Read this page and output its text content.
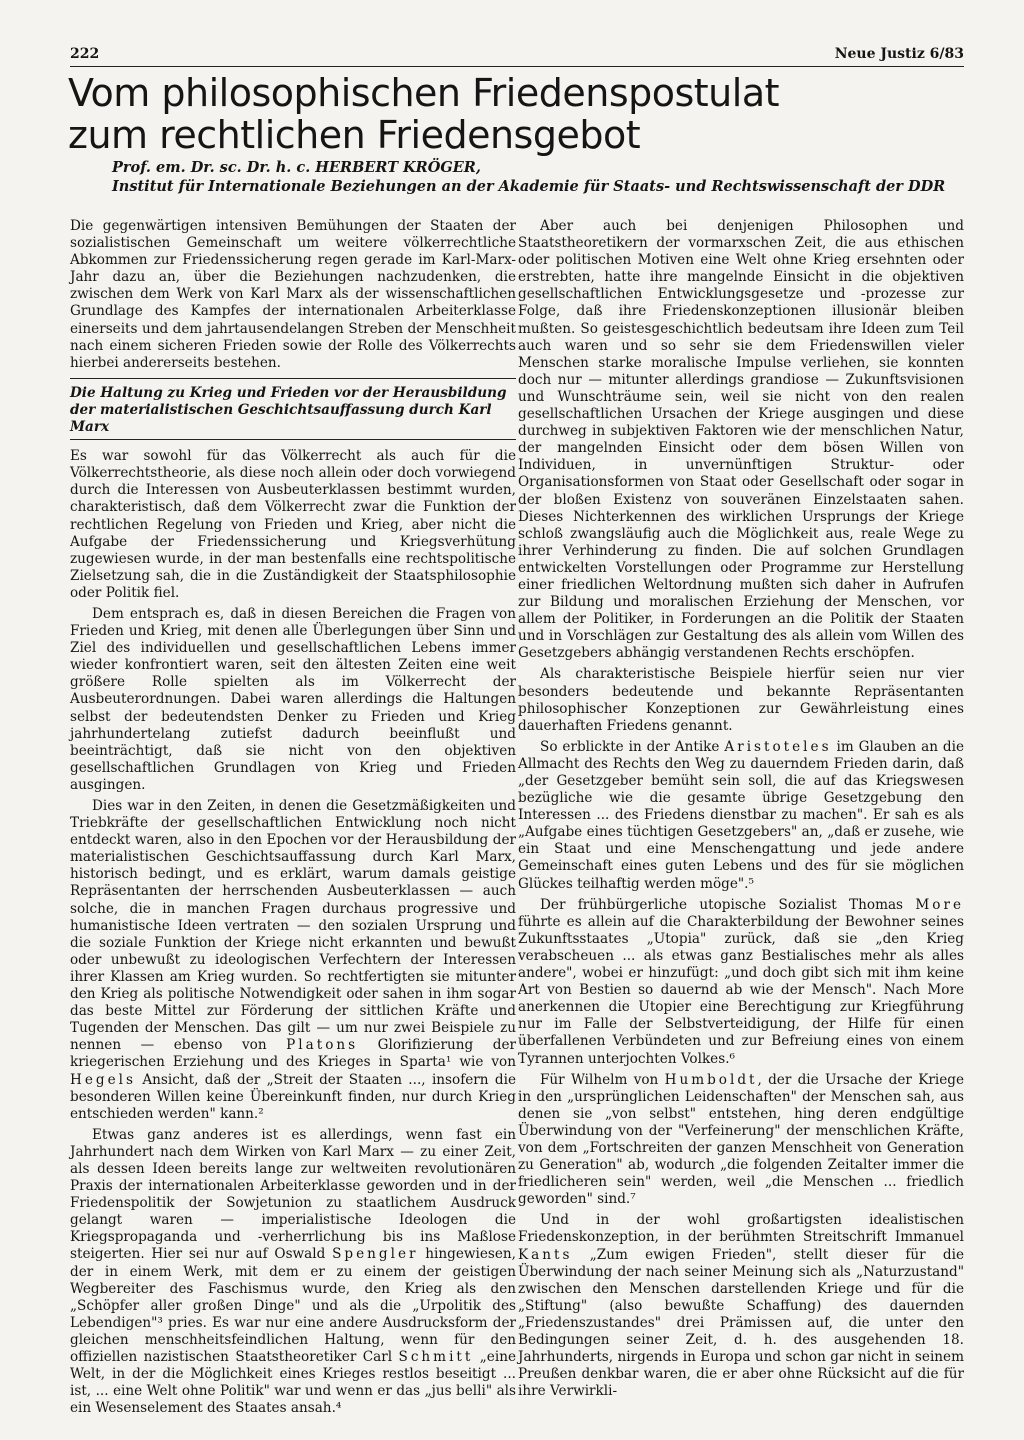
222	Neue Justiz 6/83
Vom philosophischen Friedenspostulat
zum rechtlichen Friedensgebot
Prof. em. Dr. sc. Dr. h. c. HERBERT KRÖGER,
Institut für Internationale Beziehungen an der Akademie für Staats- und Rechtswissenschaft der DDR

Die gegenwärtigen intensiven Bemühungen der Staaten der sozialistischen Gemeinschaft um weitere völkerrechtliche Abkommen zur Friedenssicherung regen gerade im Karl-Marx-Jahr dazu an, über die Beziehungen nachzudenken, die zwischen dem Werk von Karl Marx als der wissenschaftlichen Grundlage des Kampfes der internationalen Arbeiterklasse einerseits und dem jahrtausendelangen Streben der Menschheit nach einem sicheren Frieden sowie der Rolle des Völkerrechts hierbei andererseits bestehen.

Die Haltung zu Krieg und Frieden vor der Herausbildung der materialistischen Geschichtsauffassung durch Karl Marx

Es war sowohl für das Völkerrecht als auch für die Völkerrechtstheorie, als diese noch allein oder doch vorwiegend durch die Interessen von Ausbeuterklassen bestimmt wurden, charakteristisch, daß dem Völkerrecht zwar die Funktion der rechtlichen Regelung von Frieden und Krieg, aber nicht die Aufgabe der Friedenssicherung und Kriegsverhütung zugewiesen wurde, in der man bestenfalls eine rechtspolitische Zielsetzung sah, die in die Zuständigkeit der Staatsphilosophie oder Politik fiel.

Dem entsprach es, daß in diesen Bereichen die Fragen von Frieden und Krieg, mit denen alle Überlegungen über Sinn und Ziel des individuellen und gesellschaftlichen Lebens immer wieder konfrontiert waren, seit den ältesten Zeiten eine weit größere Rolle spielten als im Völkerrecht der Ausbeuterordnungen. Dabei waren allerdings die Haltungen selbst der bedeutendsten Denker zu Frieden und Krieg jahrhundertelang zutiefst dadurch beeinflußt und beeinträchtigt, daß sie nicht von den objektiven gesellschaftlichen Grundlagen von Krieg und Frieden ausgingen.

Dies war in den Zeiten, in denen die Gesetzmäßigkeiten und Triebkräfte der gesellschaftlichen Entwicklung noch nicht entdeckt waren, also in den Epochen vor der Herausbildung der materialistischen Geschichtsauffassung durch Karl Marx, historisch bedingt, und es erklärt, warum damals geistige Repräsentanten der herrschenden Ausbeuterklassen — auch solche, die in manchen Fragen durchaus progressive und humanistische Ideen vertraten — den sozialen Ursprung und die soziale Funktion der Kriege nicht erkannten und bewußt oder unbewußt zu ideologischen Verfechtern der Interessen ihrer Klassen am Krieg wurden. So rechtfertigten sie mitunter den Krieg als politische Notwendigkeit oder sahen in ihm sogar das beste Mittel zur Förderung der sittlichen Kräfte und Tugenden der Menschen. Das gilt — um nur zwei Beispiele zu nennen — ebenso von Platons Glorifizierung der kriegerischen Erziehung und des Krieges in Sparta¹ wie von Hegels Ansicht, daß der „Streit der Staaten ..., insofern die besonderen Willen keine Übereinkunft finden, nur durch Krieg entschieden werden" kann.²

Etwas ganz anderes ist es allerdings, wenn fast ein Jahrhundert nach dem Wirken von Karl Marx — zu einer Zeit, als dessen Ideen bereits lange zur weltweiten revolutionären Praxis der internationalen Arbeiterklasse geworden und in der Friedenspolitik der Sowjetunion zu staatlichem Ausdruck gelangt waren — imperialistische Ideologen die Kriegspropaganda und -verherrlichung bis ins Maßlose steigerten. Hier sei nur auf Oswald Spengler hingewiesen, der in einem Werk, mit dem er zu einem der geistigen Wegbereiter des Faschismus wurde, den Krieg als den „Schöpfer aller großen Dinge" und als die „Urpolitik des Lebendigen"³ pries. Es war nur eine andere Ausdrucksform der gleichen menschheitsfeindlichen Haltung, wenn für den offiziellen nazistischen Staatstheoretiker Carl Schmitt „eine Welt, in der die Möglichkeit eines Krieges restlos beseitigt ... ist, ... eine Welt ohne Politik" war und wenn er das „jus belli" als ein Wesenselement des Staates ansah.⁴

Aber auch bei denjenigen Philosophen und Staatstheoretikern der vormarxschen Zeit, die aus ethischen oder politischen Motiven eine Welt ohne Krieg ersehnten oder erstrebten, hatte ihre mangelnde Einsicht in die objektiven gesellschaftlichen Entwicklungsgesetze und -prozesse zur Folge, daß ihre Friedenskonzeptionen illusionär bleiben mußten. So geistesgeschichtlich bedeutsam ihre Ideen zum Teil auch waren und so sehr sie dem Friedenswillen vieler Menschen starke moralische Impulse verliehen, sie konnten doch nur — mitunter allerdings grandiose — Zukunftsvisionen und Wunschträume sein, weil sie nicht von den realen gesellschaftlichen Ursachen der Kriege ausgingen und diese durchweg in subjektiven Faktoren wie der menschlichen Natur, der mangelnden Einsicht oder dem bösen Willen von Individuen, in unvernünftigen Struktur- oder Organisationsformen von Staat oder Gesellschaft oder sogar in der bloßen Existenz von souveränen Einzelstaaten sahen. Dieses Nichterkennen des wirklichen Ursprungs der Kriege schloß zwangsläufig auch die Möglichkeit aus, reale Wege zu ihrer Verhinderung zu finden. Die auf solchen Grundlagen entwickelten Vorstellungen oder Programme zur Herstellung einer friedlichen Weltordnung mußten sich daher in Aufrufen zur Bildung und moralischen Erziehung der Menschen, vor allem der Politiker, in Forderungen an die Politik der Staaten und in Vorschlägen zur Gestaltung des als allein vom Willen des Gesetzgebers abhängig verstandenen Rechts erschöpfen.

Als charakteristische Beispiele hierfür seien nur vier besonders bedeutende und bekannte Repräsentanten philosophischer Konzeptionen zur Gewährleistung eines dauerhaften Friedens genannt.

So erblickte in der Antike Aristoteles im Glauben an die Allmacht des Rechts den Weg zu dauerndem Frieden darin, daß „der Gesetzgeber bemüht sein soll, die auf das Kriegswesen bezügliche wie die gesamte übrige Gesetzgebung den Interessen ... des Friedens dienstbar zu machen". Er sah es als „Aufgabe eines tüchtigen Gesetzgebers" an, „daß er zusehe, wie ein Staat und eine Menschengattung und jede andere Gemeinschaft eines guten Lebens und des für sie möglichen Glückes teilhaftig werden möge".⁵

Der frühbürgerliche utopische Sozialist Thomas More führte es allein auf die Charakterbildung der Bewohner seines Zukunftsstaates „Utopia" zurück, daß sie „den Krieg verabscheuen ... als etwas ganz Bestialisches mehr als alles andere", wobei er hinzufügt: „und doch gibt sich mit ihm keine Art von Bestien so dauernd ab wie der Mensch". Nach More anerkennen die Utopier eine Berechtigung zur Kriegführung nur im Falle der Selbstverteidigung, der Hilfe für einen überfallenen Verbündeten und zur Befreiung eines von einem Tyrannen unterjochten Volkes.⁶

Für Wilhelm von Humboldt, der die Ursache der Kriege in den „ursprünglichen Leidenschaften" der Menschen sah, aus denen sie „von selbst" entstehen, hing deren endgültige Überwindung von der "Verfeinerung" der menschlichen Kräfte, von dem „Fortschreiten der ganzen Menschheit von Generation zu Generation" ab, wodurch „die folgenden Zeitalter immer die friedlicheren sein" werden, weil „die Menschen ... friedlich geworden" sind.⁷

Und in der wohl großartigsten idealistischen Friedenskonzeption, in der berühmten Streitschrift Immanuel Kants „Zum ewigen Frieden", stellt dieser für die Überwindung der nach seiner Meinung sich als „Naturzustand" zwischen den Menschen darstellenden Kriege und für die „Stiftung" (also bewußte Schaffung) des dauernden „Friedenszustandes" drei Prämissen auf, die unter den Bedingungen seiner Zeit, d. h. des ausgehenden 18. Jahrhunderts, nirgends in Europa und schon gar nicht in seinem Preußen denkbar waren, die er aber ohne Rücksicht auf die für ihre Verwirkli-
